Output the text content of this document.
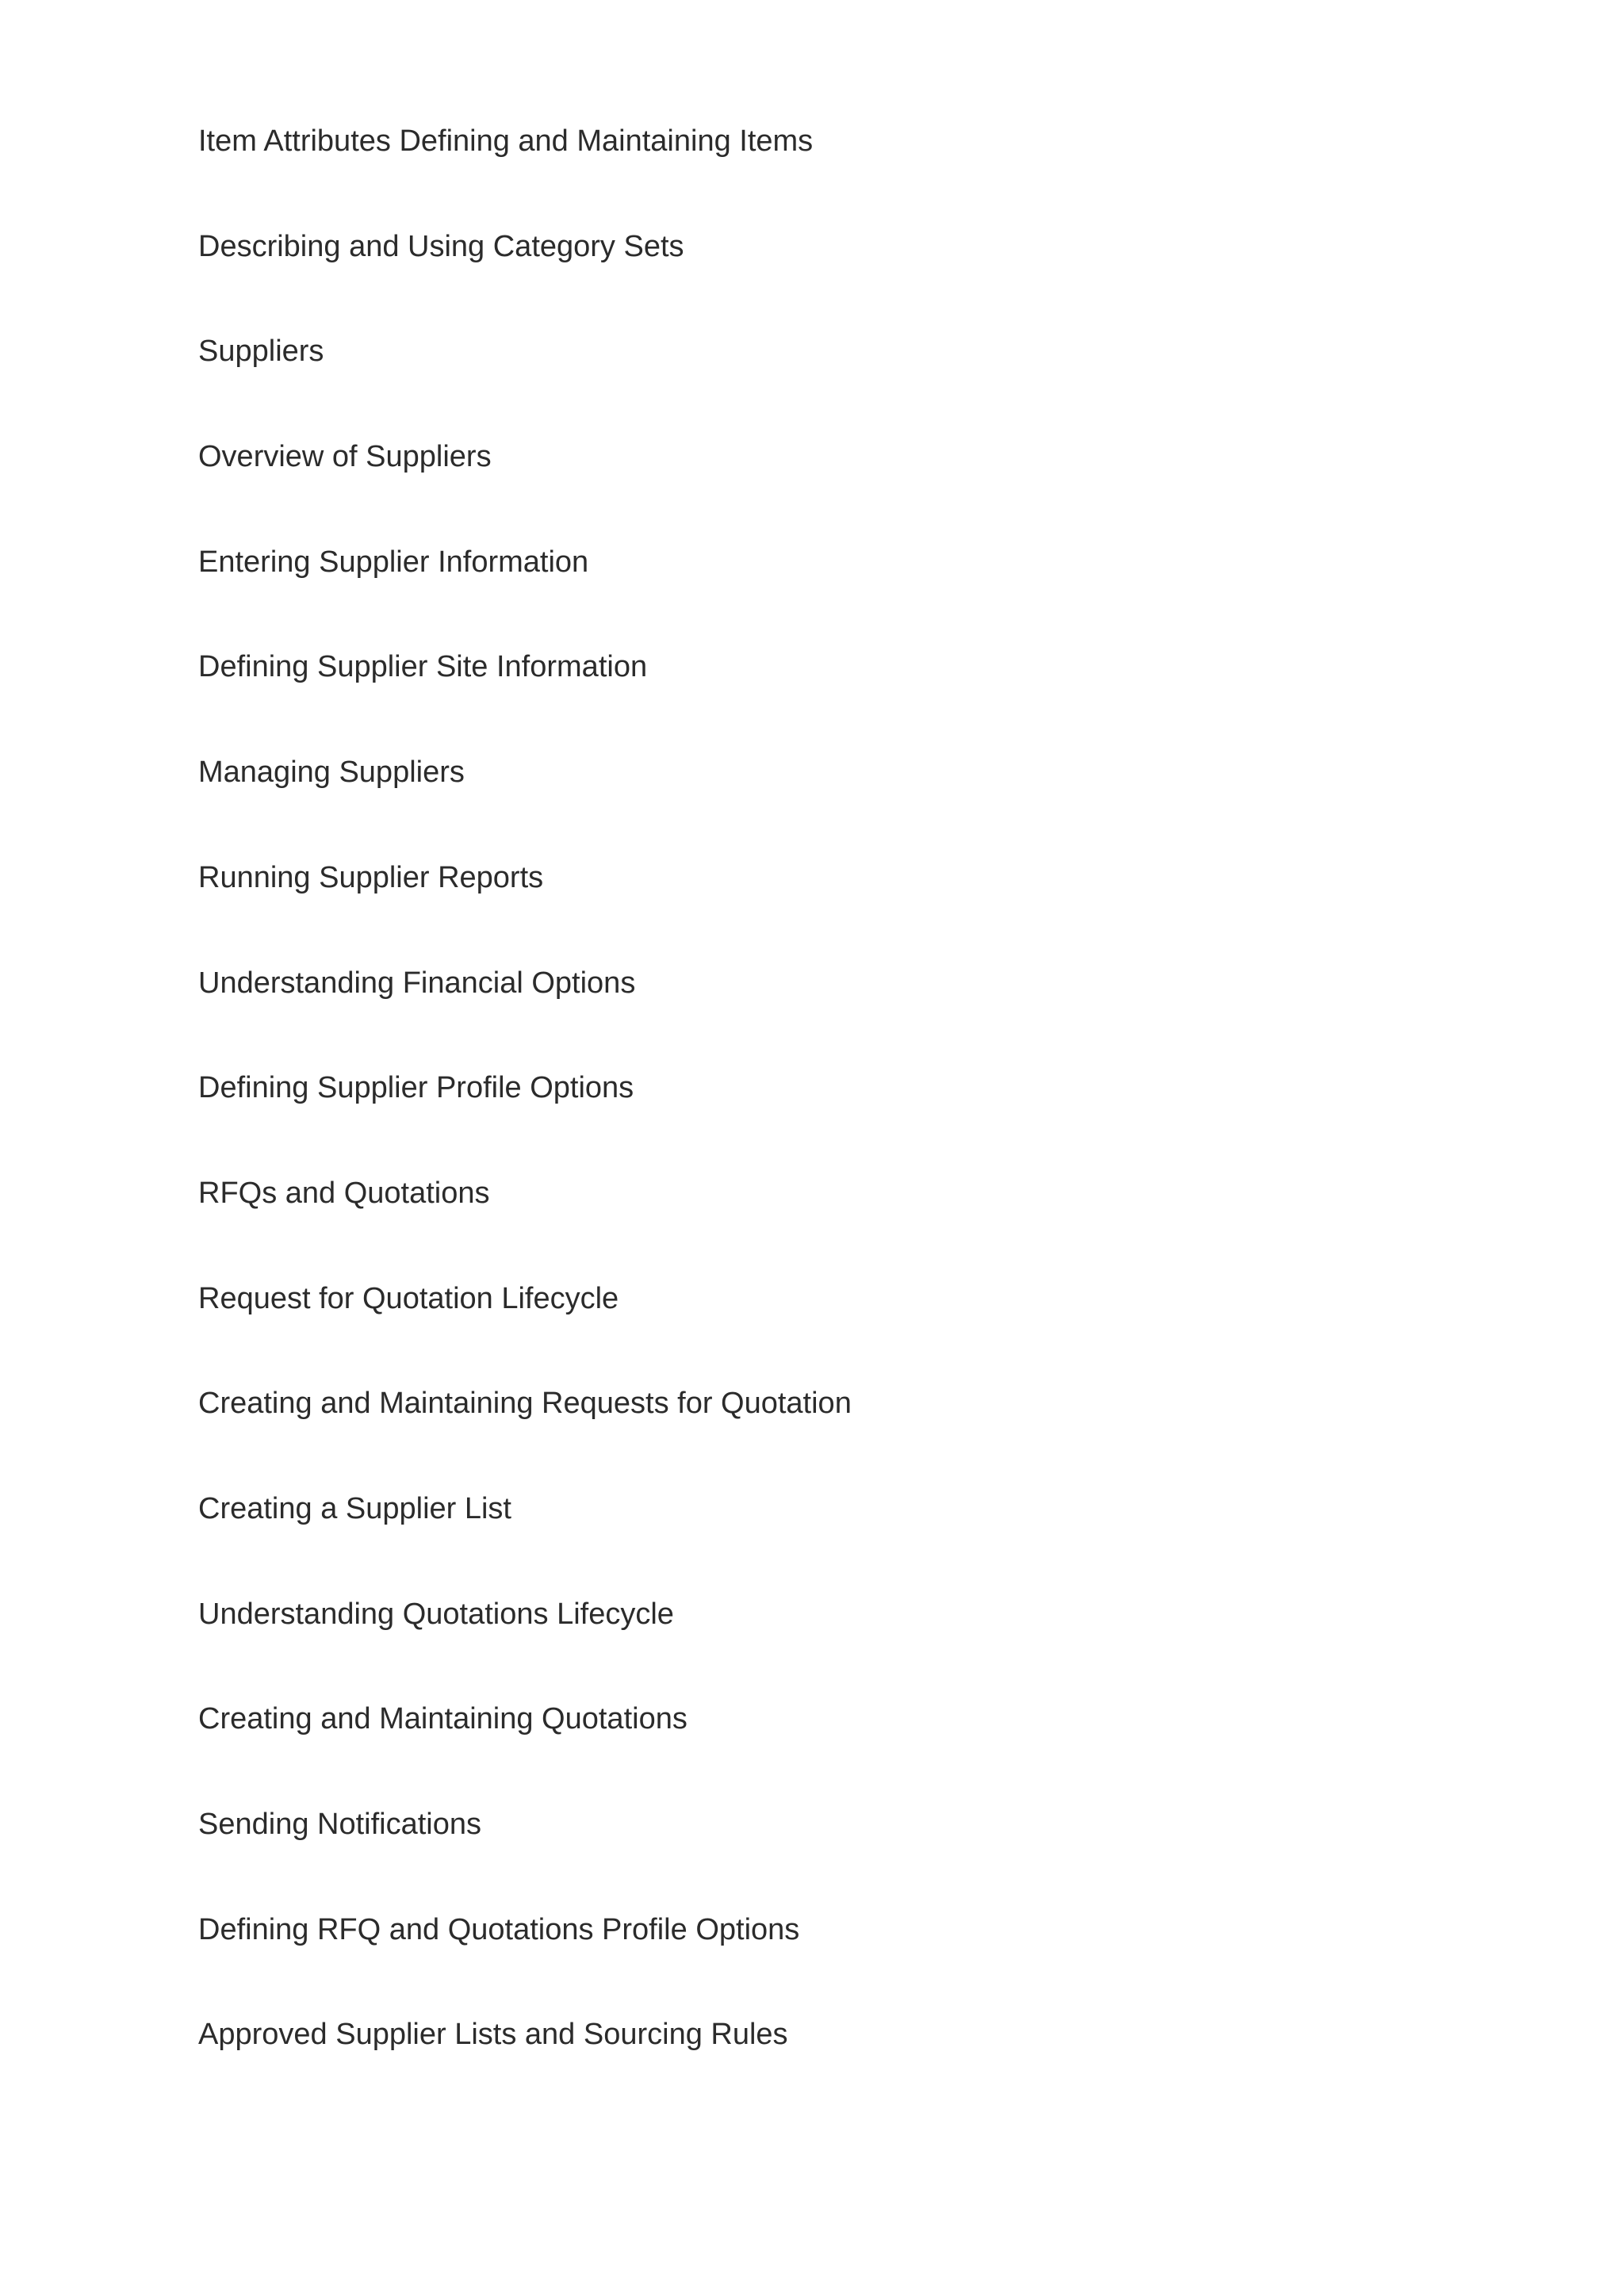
Item Attributes Defining and Maintaining Items
Describing and Using Category Sets
Suppliers
Overview of Suppliers
Entering Supplier Information
Defining Supplier Site Information
Managing Suppliers
Running Supplier Reports
Understanding Financial Options
Defining Supplier Profile Options
RFQs and Quotations
Request for Quotation Lifecycle
Creating and Maintaining Requests for Quotation
Creating a Supplier List
Understanding Quotations Lifecycle
Creating and Maintaining Quotations
Sending Notifications
Defining RFQ and Quotations Profile Options
Approved Supplier Lists and Sourcing Rules
